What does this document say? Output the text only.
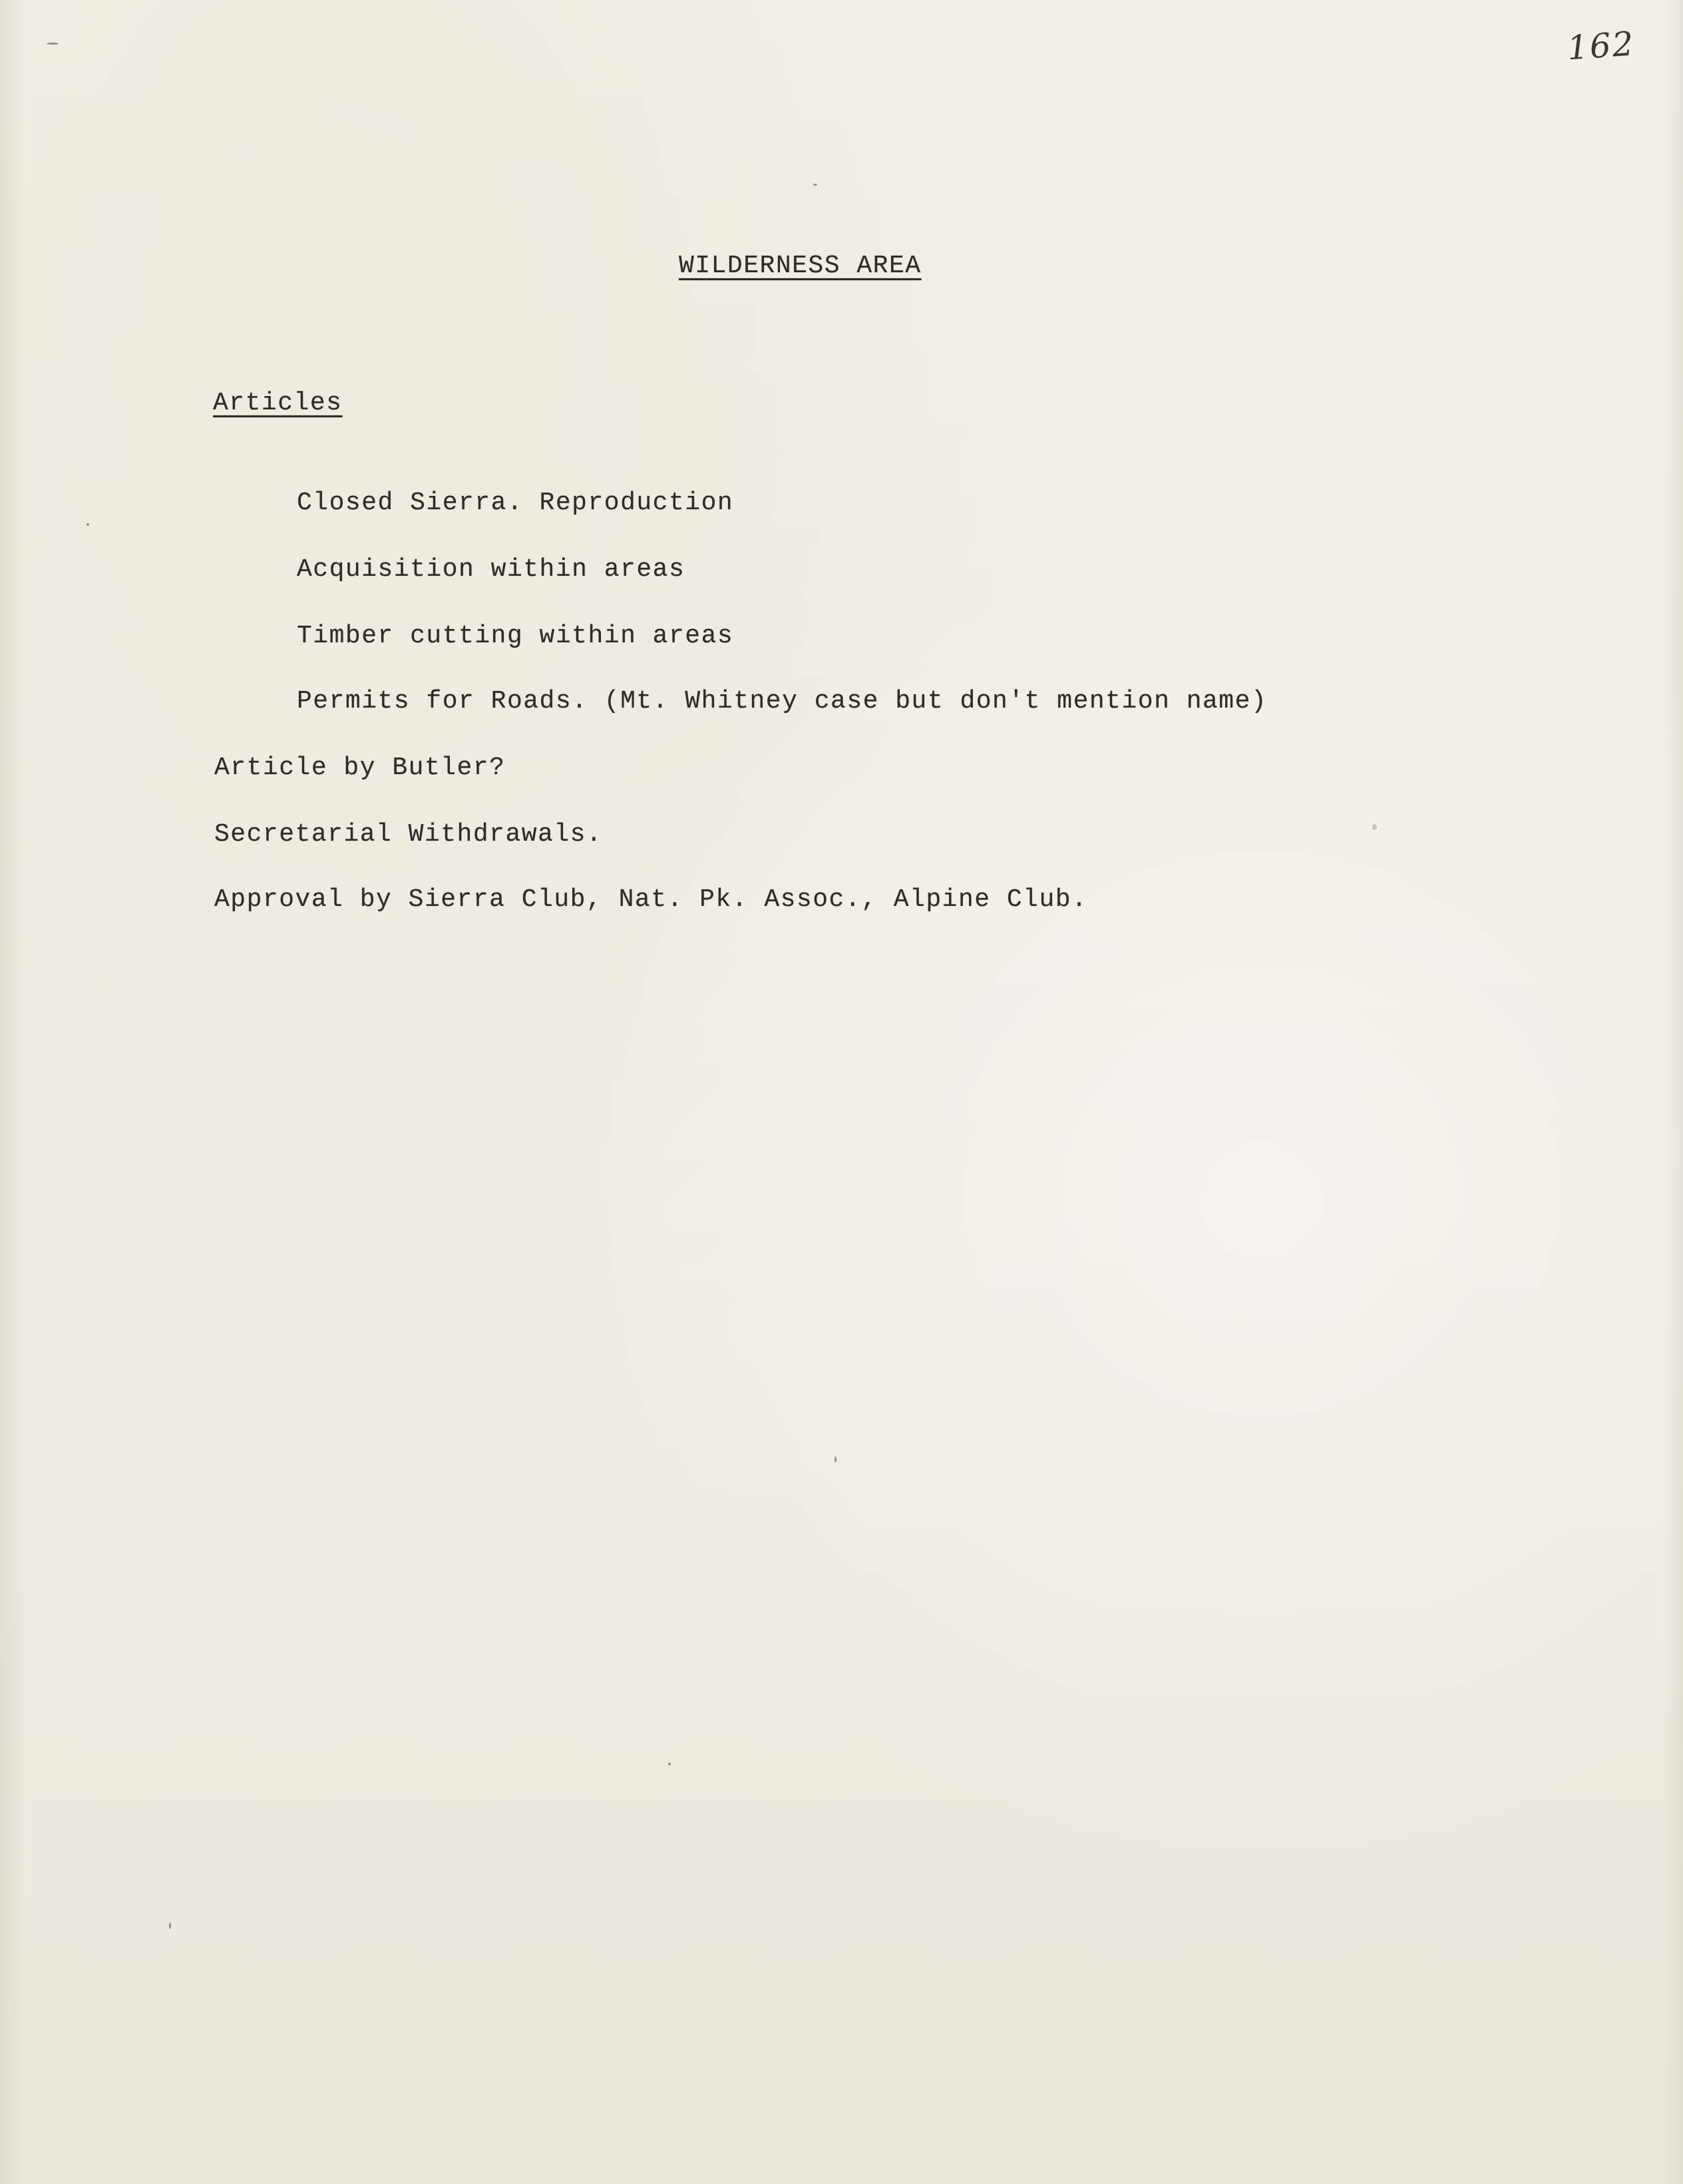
162
WILDERNESS AREA
Articles
Closed Sierra. Reproduction
Acquisition within areas
Timber cutting within areas
Permits for Roads. (Mt. Whitney case but don't mention name)
Article by Butler?
Secretarial Withdrawals.
Approval by Sierra Club, Nat. Pk. Assoc., Alpine Club.
